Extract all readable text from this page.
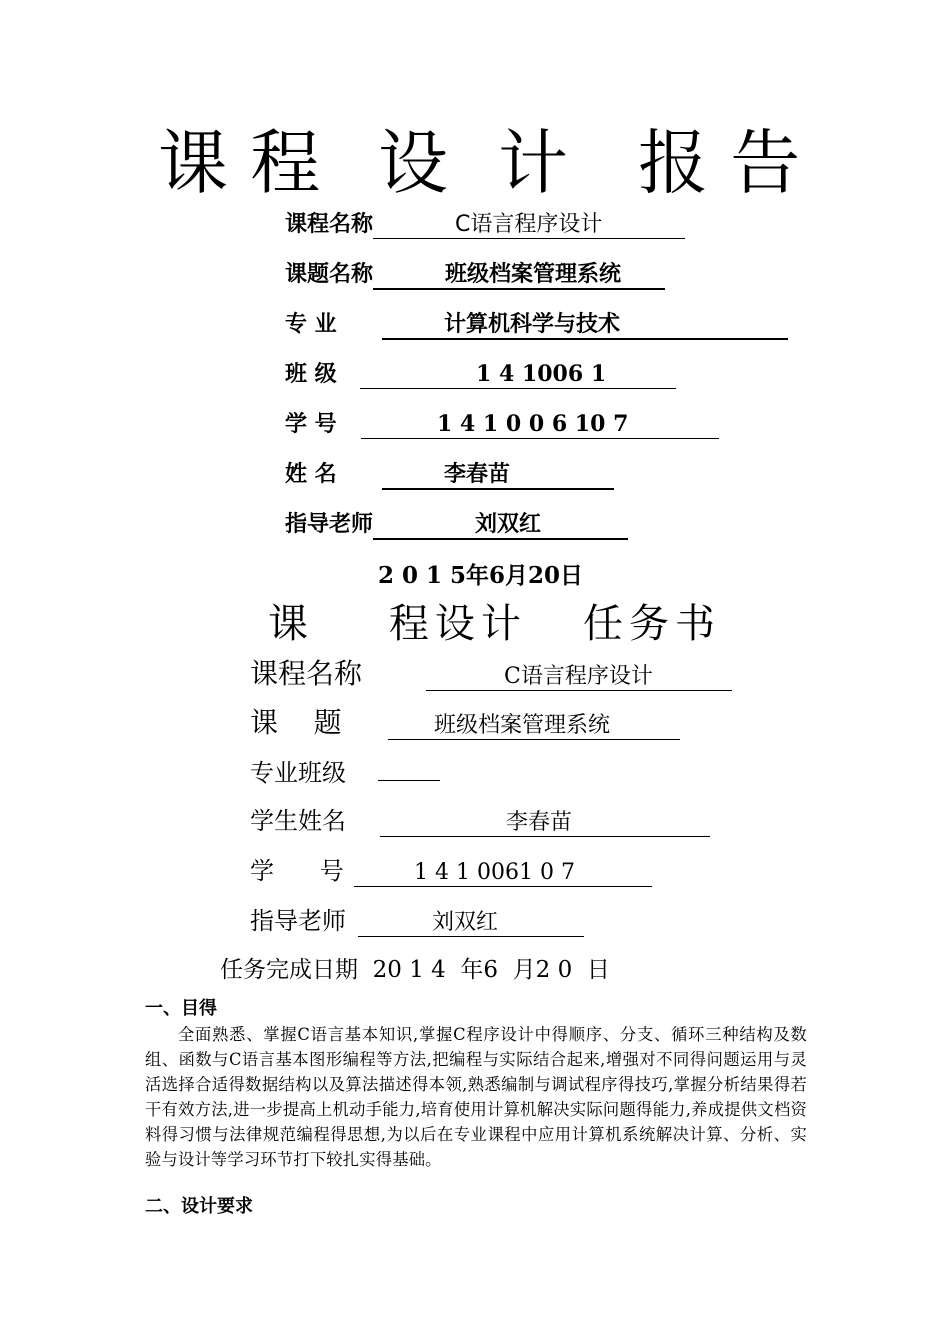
课 程 设 计 报 告
课程名称	C语言程序设计
课题名称	班级档案管理系统
专 业	计算机科学与技术
班 级	1 4 1006 1
学 号	1 4 1 0 0 6 10 7
姓 名	李春苗
指导老师	刘双红
2 0 1 5年6月20日
课    程设计   任务书
课程名称	C语言程序设计
课    题	班级档案管理系统
专业班级
学生姓名	李春苗
学      号	1 4 1 0061 0 7
指导老师	刘双红
任务完成日期  20 1 4  年6  月2 0  日
一、目得
全面熟悉、掌握C语言基本知识,掌握C程序设计中得顺序、分支、循环三种结构及数组、函数与C语言基本图形编程等方法,把编程与实际结合起来,增强对不同得问题运用与灵活选择合适得数据结构以及算法描述得本领,熟悉编制与调试程序得技巧,掌握分析结果得若干有效方法,进一步提高上机动手能力,培育使用计算机解决实际问题得能力,养成提供文档资料得习惯与法律规范编程得思想,为以后在专业课程中应用计算机系统解决计算、分析、实验与设计等学习环节打下较扎实得基础。
二、设计要求
